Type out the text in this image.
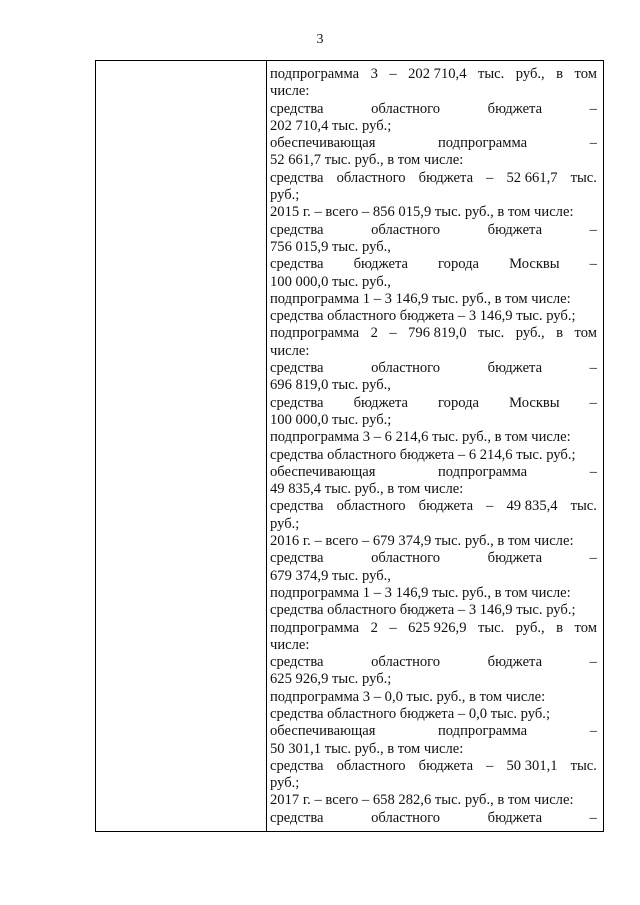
3
подпрограмма 3 – 202 710,4 тыс. руб., в том
числе:
средства	областного	бюджета	–
202 710,4 тыс. руб.;
обеспечивающая	подпрограмма	–
52 661,7 тыс. руб., в том числе:
средства областного бюджета – 52 661,7 тыс.
руб.;
2015 г. – всего – 856 015,9 тыс. руб., в том числе:
средства	областного	бюджета	–
756 015,9 тыс. руб.,
средства бюджета города Москвы –
100 000,0 тыс. руб.,
подпрограмма 1 – 3 146,9 тыс. руб., в том числе:
средства областного бюджета – 3 146,9 тыс. руб.;
подпрограмма 2 – 796 819,0 тыс. руб., в том
числе:
средства	областного	бюджета	–
696 819,0 тыс. руб.,
средства бюджета города Москвы –
100 000,0 тыс. руб.;
подпрограмма 3 – 6 214,6 тыс. руб., в том числе:
средства областного бюджета – 6 214,6 тыс. руб.;
обеспечивающая	подпрограмма	–
49 835,4 тыс. руб., в том числе:
средства областного бюджета – 49 835,4 тыс.
руб.;
2016 г. – всего – 679 374,9 тыс. руб., в том числе:
средства	областного	бюджета	–
679 374,9 тыс. руб.,
подпрограмма 1 – 3 146,9 тыс. руб., в том числе:
средства областного бюджета – 3 146,9 тыс. руб.;
подпрограмма 2 – 625 926,9 тыс. руб., в том
числе:
средства	областного	бюджета	–
625 926,9 тыс. руб.;
подпрограмма 3 – 0,0 тыс. руб., в том числе:
средства областного бюджета – 0,0 тыс. руб.;
обеспечивающая	подпрограмма	–
50 301,1 тыс. руб., в том числе:
средства областного бюджета – 50 301,1 тыс.
руб.;
2017 г. – всего – 658 282,6 тыс. руб., в том числе:
средства	областного	бюджета	–
